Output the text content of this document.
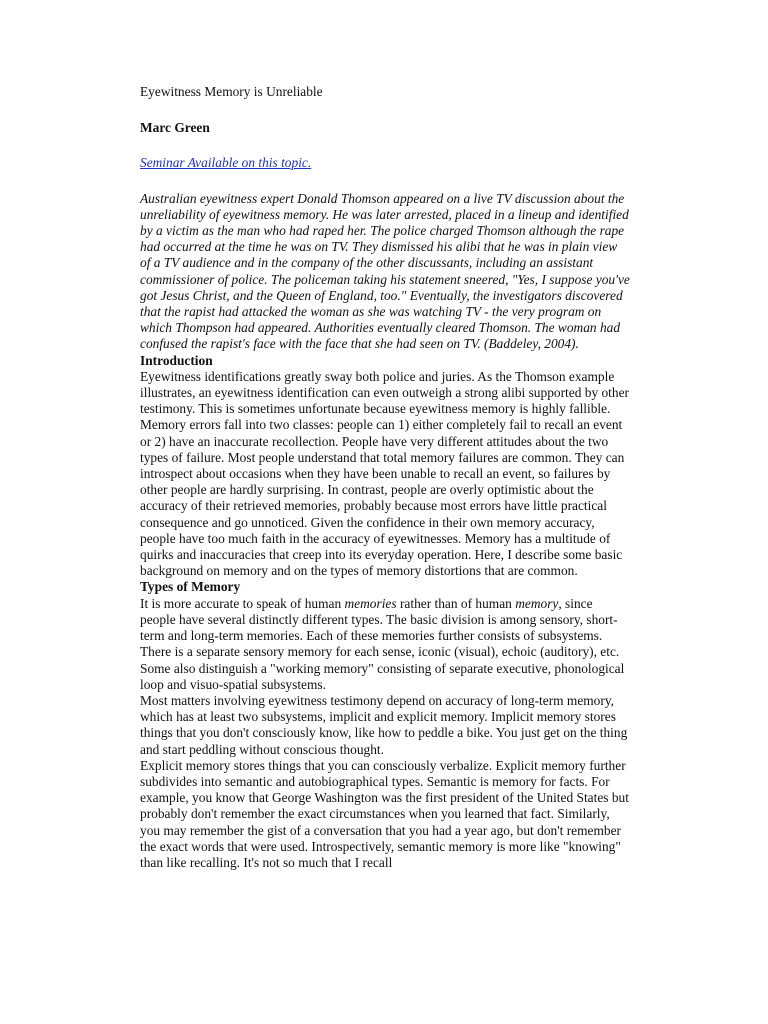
Eyewitness Memory is Unreliable

Marc Green

Seminar Available on this topic.

Australian eyewitness expert Donald Thomson appeared on a live TV discussion about the unreliability of eyewitness memory. He was later arrested, placed in a lineup and identified by a victim as the man who had raped her. The police charged Thomson although the rape had occurred at the time he was on TV. They dismissed his alibi that he was in plain view of a TV audience and in the company of the other discussants, including an assistant commissioner of police. The policeman taking his statement sneered, "Yes, I suppose you've got Jesus Christ, and the Queen of England, too." Eventually, the investigators discovered that the rapist had attacked the woman as she was watching TV - the very program on which Thompson had appeared. Authorities eventually cleared Thomson. The woman had confused the rapist's face with the face that she had seen on TV. (Baddeley, 2004).

Introduction

Eyewitness identifications greatly sway both police and juries. As the Thomson example illustrates, an eyewitness identification can even outweigh a strong alibi supported by other testimony. This is sometimes unfortunate because eyewitness memory is highly fallible. Memory errors fall into two classes: people can 1) either completely fail to recall an event or 2) have an inaccurate recollection. People have very different attitudes about the two types of failure. Most people understand that total memory failures are common. They can introspect about occasions when they have been unable to recall an event, so failures by other people are hardly surprising. In contrast, people are overly optimistic about the accuracy of their retrieved memories, probably because most errors have little practical consequence and go unnoticed. Given the confidence in their own memory accuracy, people have too much faith in the accuracy of eyewitnesses. Memory has a multitude of quirks and inaccuracies that creep into its everyday operation. Here, I describe some basic background on memory and on the types of memory distortions that are common.

Types of Memory

It is more accurate to speak of human memories rather than of human memory, since people have several distinctly different types. The basic division is among sensory, short-term and long-term memories. Each of these memories further consists of subsystems. There is a separate sensory memory for each sense, iconic (visual), echoic (auditory), etc. Some also distinguish a "working memory" consisting of separate executive, phonological loop and visuo-spatial subsystems.

Most matters involving eyewitness testimony depend on accuracy of long-term memory, which has at least two subsystems, implicit and explicit memory. Implicit memory stores things that you don't consciously know, like how to peddle a bike. You just get on the thing and start peddling without conscious thought.

Explicit memory stores things that you can consciously verbalize. Explicit memory further subdivides into semantic and autobiographical types. Semantic is memory for facts. For example, you know that George Washington was the first president of the United States but probably don't remember the exact circumstances when you learned that fact. Similarly, you may remember the gist of a conversation that you had a year ago, but don't remember the exact words that were used. Introspectively, semantic memory is more like "knowing" than like recalling. It's not so much that I recall
